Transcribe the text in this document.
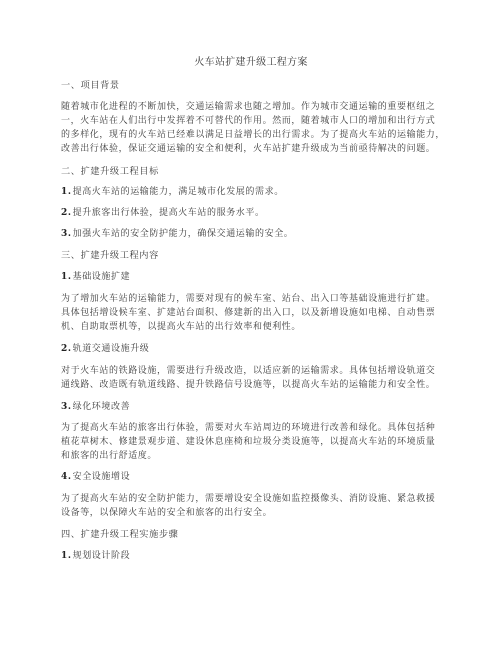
火车站扩建升级工程方案
一、项目背景
随着城市化进程的不断加快，交通运输需求也随之增加。作为城市交通运输的重要枢纽之
一，火车站在人们出行中发挥着不可替代的作用。然而，随着城市人口的增加和出行方式
的多样化，现有的火车站已经难以满足日益增长的出行需求。为了提高火车站的运输能力，
改善出行体验，保证交通运输的安全和便利，火车站扩建升级成为当前亟待解决的问题。
二、扩建升级工程目标
1.提高火车站的运输能力，满足城市化发展的需求。
2.提升旅客出行体验，提高火车站的服务水平。
3.加强火车站的安全防护能力，确保交通运输的安全。
三、扩建升级工程内容
1.基础设施扩建
为了增加火车站的运输能力，需要对现有的候车室、站台、出入口等基础设施进行扩建。
具体包括增设候车室、扩建站台面积、修建新的出入口，以及新增设施如电梯、自动售票
机、自助取票机等，以提高火车站的出行效率和便利性。
2.轨道交通设施升级
对于火车站的铁路设施，需要进行升级改造，以适应新的运输需求。具体包括增设轨道交
通线路、改造既有轨道线路、提升铁路信号设施等，以提高火车站的运输能力和安全性。
3.绿化环境改善
为了提高火车站的旅客出行体验，需要对火车站周边的环境进行改善和绿化。具体包括种
植花草树木、修建景观步道、建设休息座椅和垃圾分类设施等，以提高火车站的环境质量
和旅客的出行舒适度。
4.安全设施增设
为了提高火车站的安全防护能力，需要增设安全设施如监控摄像头、消防设施、紧急救援
设备等，以保障火车站的安全和旅客的出行安全。
四、扩建升级工程实施步骤
1.规划设计阶段
